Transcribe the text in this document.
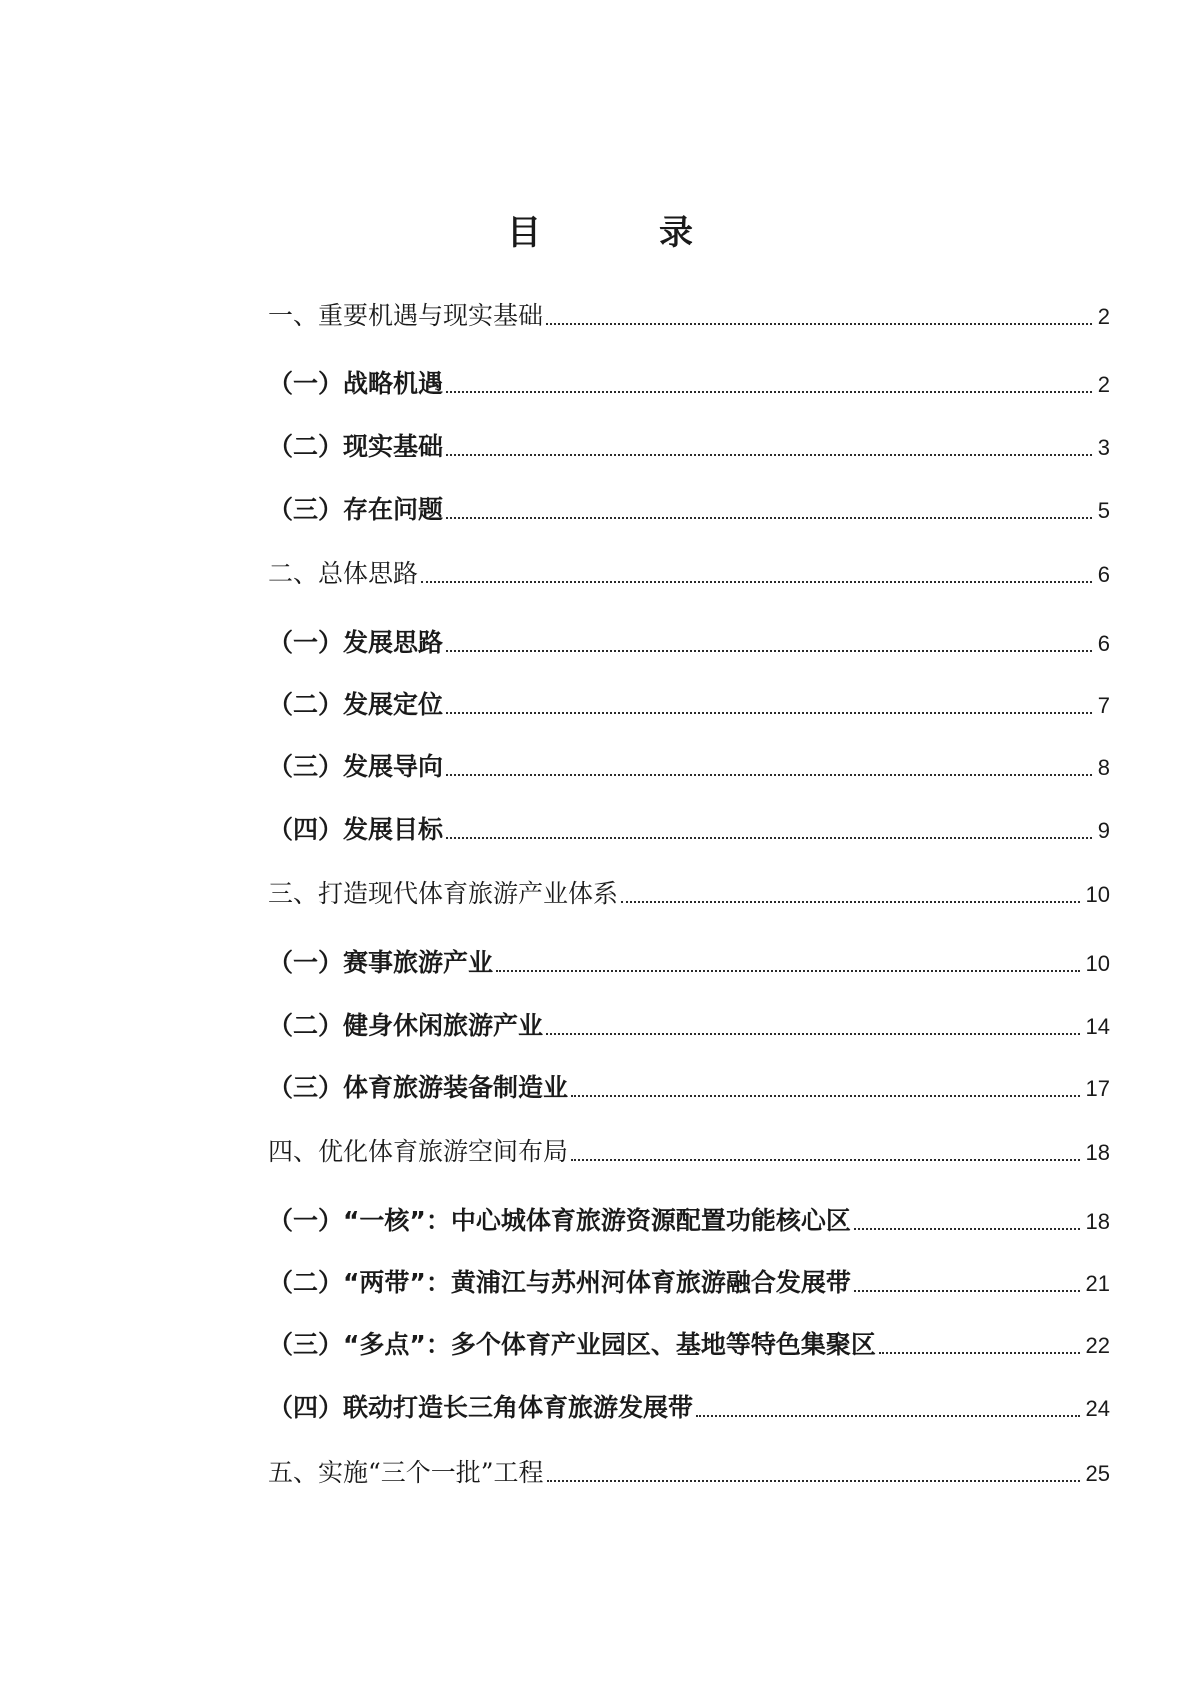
目　录
一、重要机遇与现实基础	2
（一）战略机遇	2
（二）现实基础	3
（三）存在问题	5
二、总体思路	6
（一）发展思路	6
（二）发展定位	7
（三）发展导向	8
（四）发展目标	9
三、打造现代体育旅游产业体系	10
（一）赛事旅游产业	10
（二）健身休闲旅游产业	14
（三）体育旅游装备制造业	17
四、优化体育旅游空间布局	18
（一）“一核”：中心城体育旅游资源配置功能核心区	18
（二）“两带”：黄浦江与苏州河体育旅游融合发展带	21
（三）“多点”：多个体育产业园区、基地等特色集聚区	22
（四）联动打造长三角体育旅游发展带	24
五、实施“三个一批”工程	25
